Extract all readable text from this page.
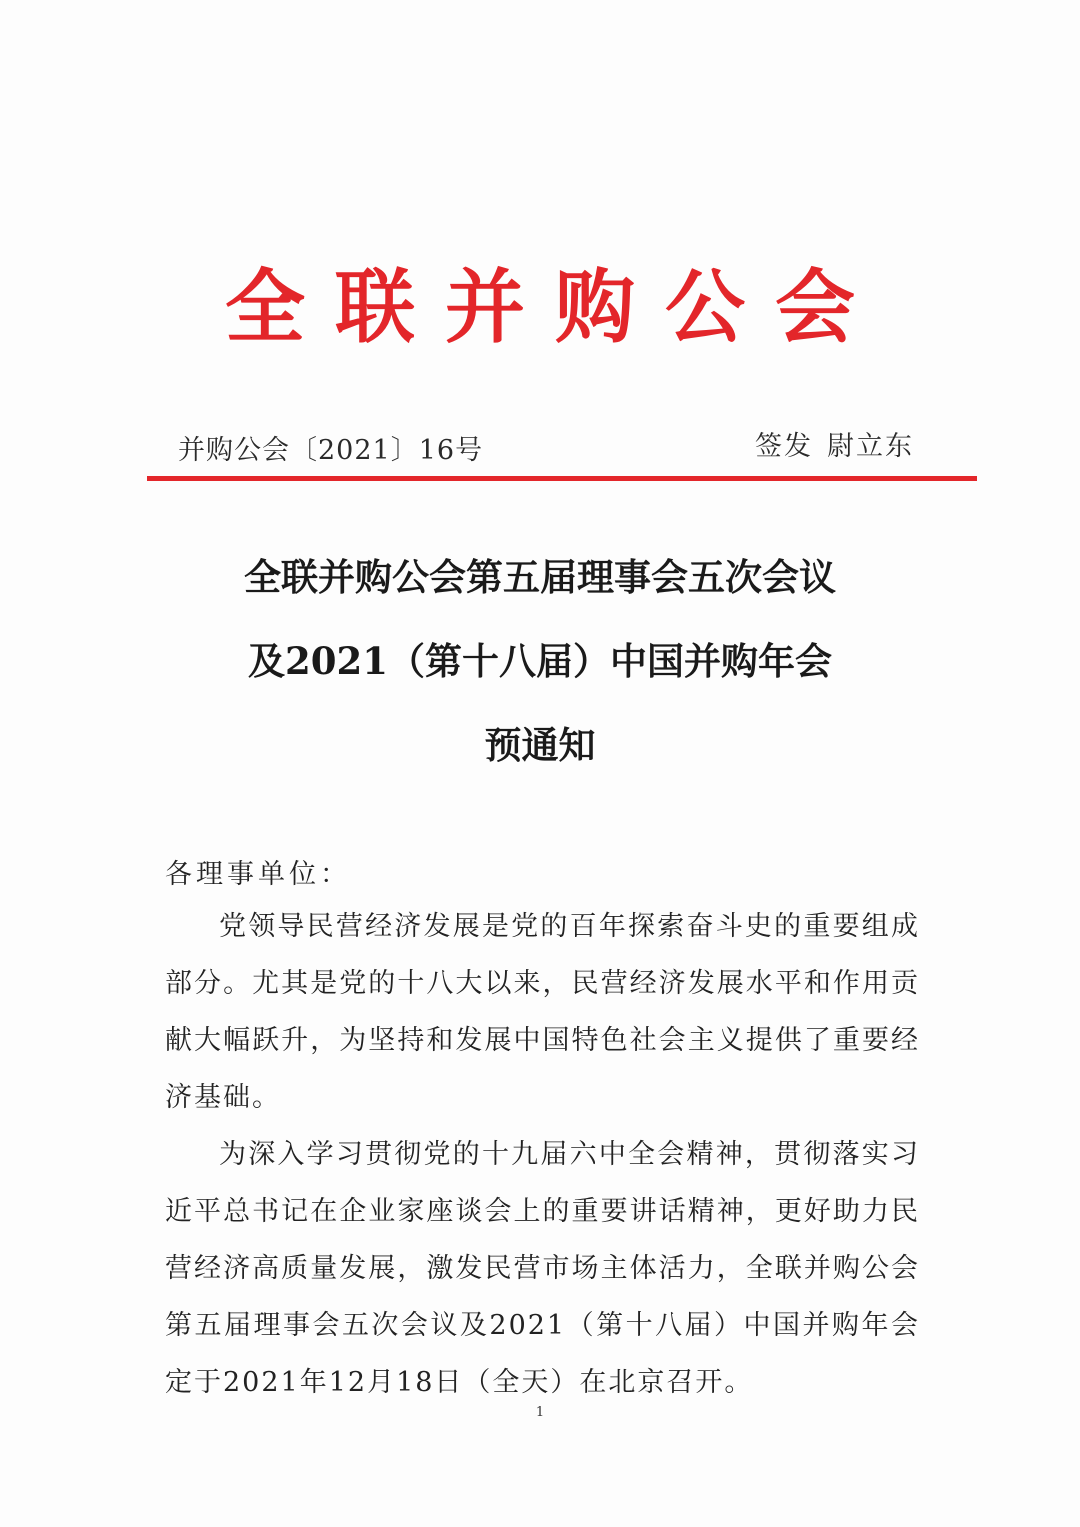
全联并购公会
并购公会〔2021〕16号	签发 尉立东
全联并购公会第五届理事会五次会议
及2021（第十八届）中国并购年会
预通知
各理事单位：
党领导民营经济发展是党的百年探索奋斗史的重要组成部分。尤其是党的十八大以来，民营经济发展水平和作用贡献大幅跃升，为坚持和发展中国特色社会主义提供了重要经济基础。
为深入学习贯彻党的十九届六中全会精神，贯彻落实习近平总书记在企业家座谈会上的重要讲话精神，更好助力民营经济高质量发展，激发民营市场主体活力，全联并购公会第五届理事会五次会议及2021（第十八届）中国并购年会定于2021年12月18日（全天）在北京召开。
1
